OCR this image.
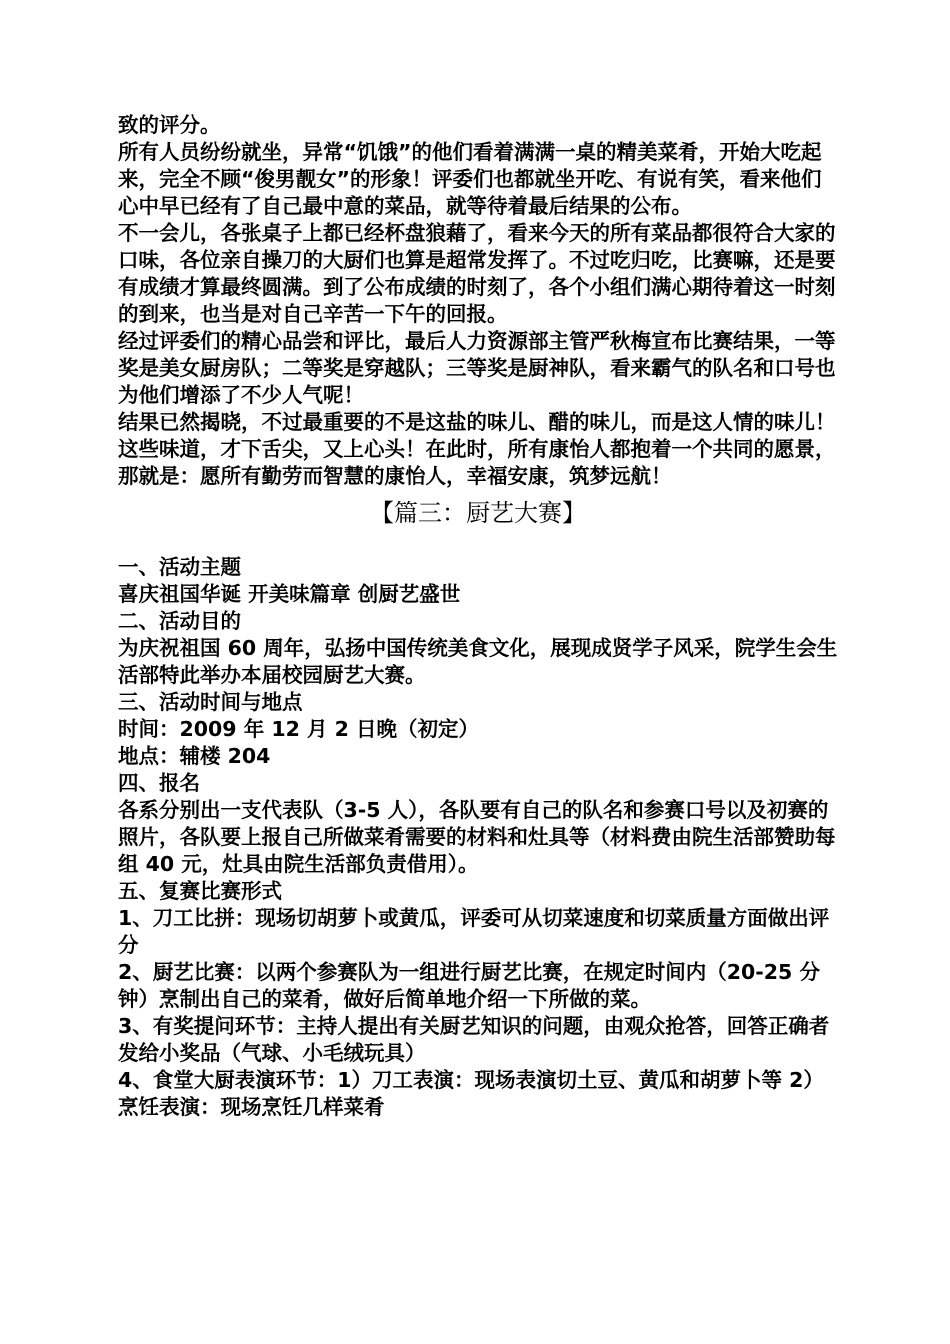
致的评分。

所有人员纷纷就坐，异常“饥饿”的他们看着满满一桌的精美菜肴，开始大吃起来，完全不顾“俊男靓女”的形象！评委们也都就坐开吃、有说有笑，看来他们心中早已经有了自己最中意的菜品，就等待着最后结果的公布。

不一会儿，各张桌子上都已经杯盘狼藉了，看来今天的所有菜品都很符合大家的口味，各位亲自操刀的大厨们也算是超常发挥了。不过吃归吃，比赛嘛，还是要有成绩才算最终圆满。到了公布成绩的时刻了，各个小组们满心期待着这一时刻的到来，也当是对自己辛苦一下午的回报。

经过评委们的精心品尝和评比，最后人力资源部主管严秋梅宣布比赛结果，一等奖是美女厨房队；二等奖是穿越队；三等奖是厨神队，看来霸气的队名和口号也为他们增添了不少人气呢！

结果已然揭晓，不过最重要的不是这盐的味儿、醋的味儿，而是这人情的味儿！这些味道，才下舌尖，又上心头！在此时，所有康怡人都抱着一个共同的愿景，那就是：愿所有勤劳而智慧的康怡人，幸福安康，筑梦远航！

【篇三：厨艺大赛】

一、活动主题

喜庆祖国华诞 开美味篇章 创厨艺盛世

二、活动目的

为庆祝祖国 60 周年，弘扬中国传统美食文化，展现成贤学子风采，院学生会生活部特此举办本届校园厨艺大赛。

三、活动时间与地点

时间：2009 年 12 月 2 日晚（初定）

地点：辅楼 204

四、报名

各系分别出一支代表队（3-5 人），各队要有自己的队名和参赛口号以及初赛的照片，各队要上报自己所做菜肴需要的材料和灶具等（材料费由院生活部赞助每组 40 元，灶具由院生活部负责借用）。

五、复赛比赛形式

1、刀工比拼：现场切胡萝卜或黄瓜，评委可从切菜速度和切菜质量方面做出评分

2、厨艺比赛：以两个参赛队为一组进行厨艺比赛，在规定时间内（20-25 分钟）烹制出自己的菜肴，做好后简单地介绍一下所做的菜。

3、有奖提问环节：主持人提出有关厨艺知识的问题，由观众抢答，回答正确者发给小奖品（气球、小毛绒玩具）

4、食堂大厨表演环节：1）刀工表演：现场表演切土豆、黄瓜和胡萝卜等 2）烹饪表演：现场烹饪几样菜肴
